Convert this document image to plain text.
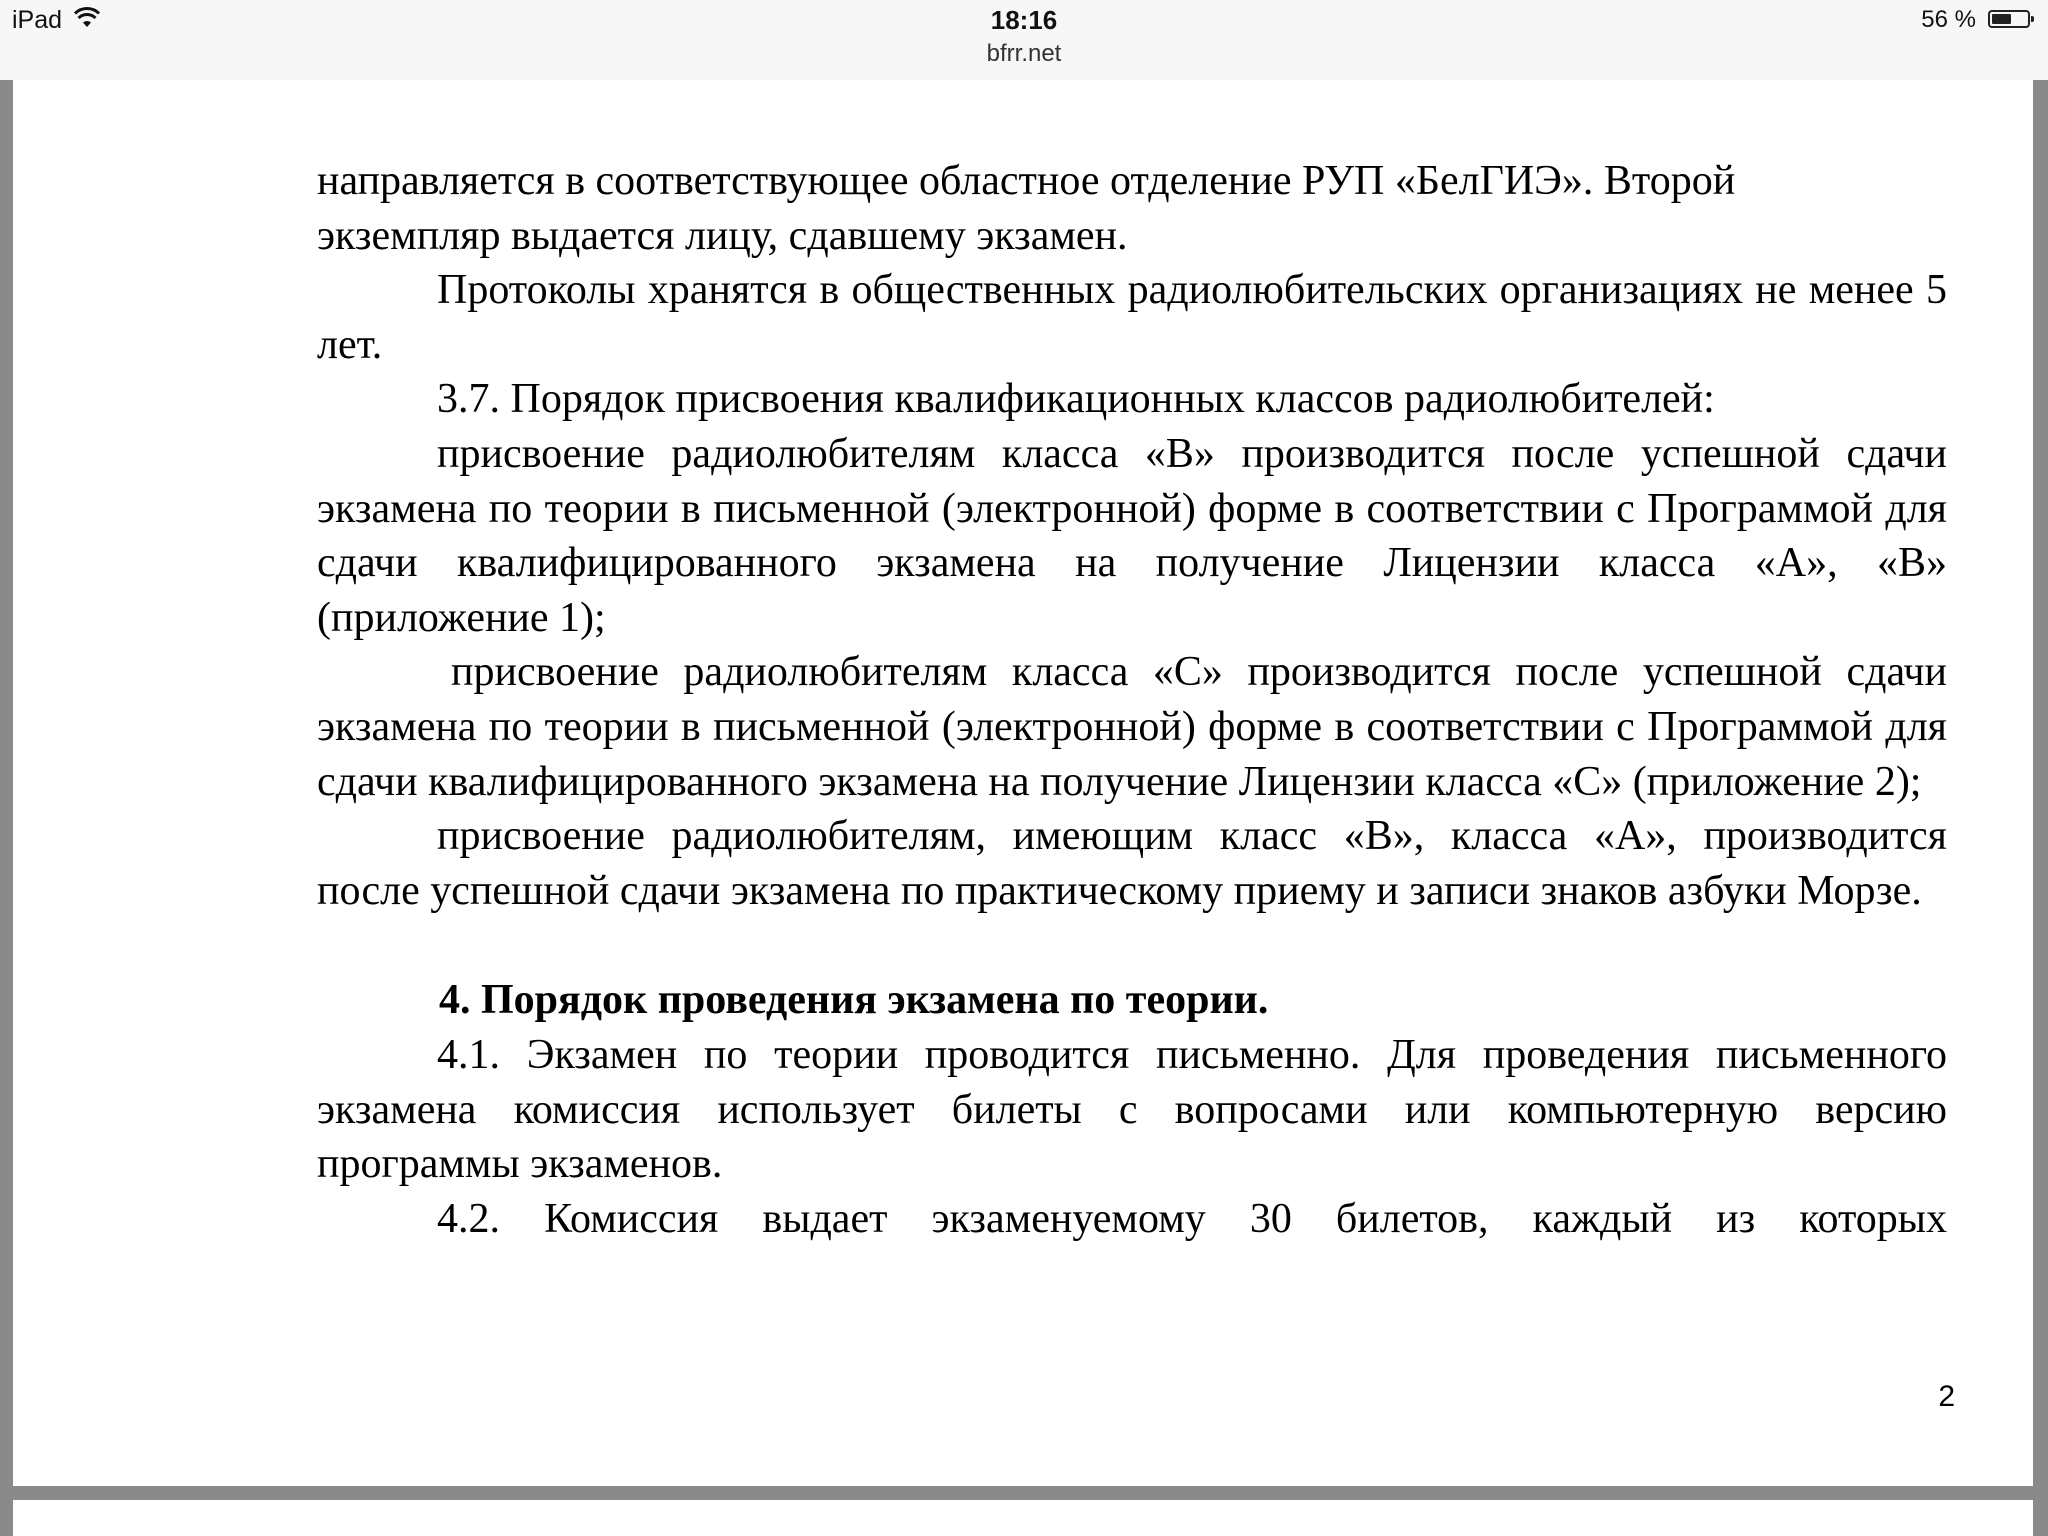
iPad	18:16
bfrr.net
56 %

направляется в соответствующее областное отделение РУП «БелГИЭ». Второй
экземпляр выдается лицу, сдавшему экзамен.

Протоколы хранятся в общественных радиолюбительских организациях не менее 5 лет.

3.7. Порядок присвоения квалификационных классов радиолюбителей:

присвоение радиолюбителям класса «В» производится после успешной сдачи экзамена по теории в письменной (электронной) форме в соответствии с Программой для сдачи квалифицированного экзамена на получение Лицензии класса «А», «В» (приложение 1);

присвоение радиолюбителям класса «С» производится после успешной сдачи экзамена по теории в письменной (электронной) форме в соответствии с Программой для сдачи квалифицированного экзамена на получение Лицензии класса «С» (приложение 2);

присвоение радиолюбителям, имеющим класс «В», класса «А», производится после успешной сдачи экзамена по практическому приему и записи знаков азбуки Морзе.

4. Порядок проведения экзамена по теории.

4.1. Экзамен по теории проводится письменно. Для проведения письменного экзамена комиссия использует билеты с вопросами или компьютерную версию программы экзаменов.

4.2. Комиссия выдает экзаменуемому 30 билетов, каждый из которых

2
